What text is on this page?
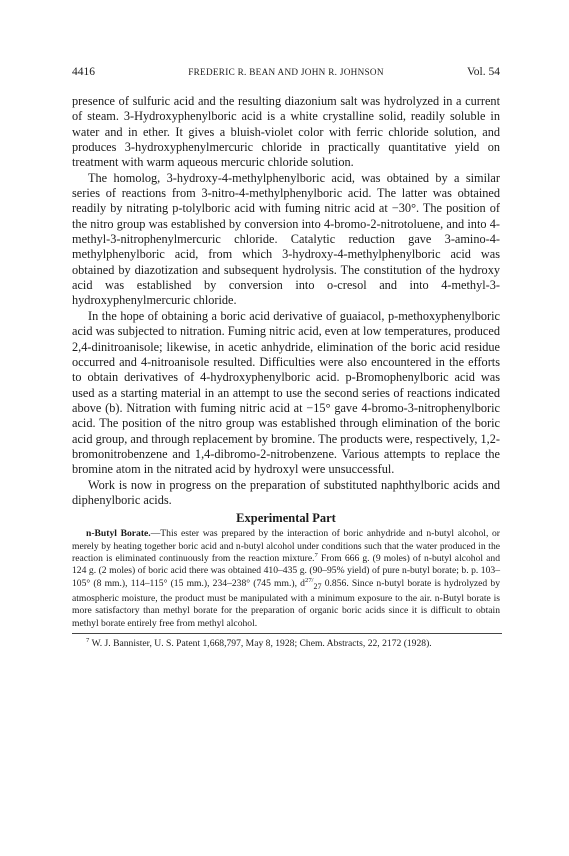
4416	FREDERIC R. BEAN AND JOHN R. JOHNSON	Vol. 54

presence of sulfuric acid and the resulting diazonium salt was hydrolyzed in a current of steam. 3-Hydroxyphenylboric acid is a white crystalline solid, readily soluble in water and in ether. It gives a bluish-violet color with ferric chloride solution, and produces 3-hydroxyphenylmercuric chloride in practically quantitative yield on treatment with warm aqueous mercuric chloride solution.

The homolog, 3-hydroxy-4-methylphenylboric acid, was obtained by a similar series of reactions from 3-nitro-4-methylphenylboric acid. The latter was obtained readily by nitrating p-tolylboric acid with fuming nitric acid at −30°. The position of the nitro group was established by conversion into 4-bromo-2-nitrotoluene, and into 4-methyl-3-nitrophenylmercuric chloride. Catalytic reduction gave 3-amino-4-methylphenylboric acid, from which 3-hydroxy-4-methylphenylboric acid was obtained by diazotization and subsequent hydrolysis. The constitution of the hydroxy acid was established by conversion into o-cresol and into 4-methyl-3-hydroxyphenylmercuric chloride.

In the hope of obtaining a boric acid derivative of guaiacol, p-methoxyphenylboric acid was subjected to nitration. Fuming nitric acid, even at low temperatures, produced 2,4-dinitroanisole; likewise, in acetic anhydride, elimination of the boric acid residue occurred and 4-nitroanisole resulted. Difficulties were also encountered in the efforts to obtain derivatives of 4-hydroxyphenylboric acid. p-Bromophenylboric acid was used as a starting material in an attempt to use the second series of reactions indicated above (b). Nitration with fuming nitric acid at −15° gave 4-bromo-3-nitrophenylboric acid. The position of the nitro group was established through elimination of the boric acid group, and through replacement by bromine. The products were, respectively, 1,2-bromonitrobenzene and 1,4-dibromo-2-nitrobenzene. Various attempts to replace the bromine atom in the nitrated acid by hydroxyl were unsuccessful.

Work is now in progress on the preparation of substituted naphthylboric acids and diphenylboric acids.

Experimental Part

n-Butyl Borate.—This ester was prepared by the interaction of boric anhydride and n-butyl alcohol, or merely by heating together boric acid and n-butyl alcohol under conditions such that the water produced in the reaction is eliminated continuously from the reaction mixture.$^7$ From 666 g. (9 moles) of n-butyl alcohol and 124 g. (2 moles) of boric acid there was obtained 410–435 g. (90–95% yield) of pure n-butyl borate; b. p. 103–105° (8 mm.), 114–115° (15 mm.), 234–238° (745 mm.), $d^{27/}_{27}$ 0.856. Since n-butyl borate is hydrolyzed by atmospheric moisture, the product must be manipulated with a minimum exposure to the air. n-Butyl borate is more satisfactory than methyl borate for the preparation of organic boric acids since it is difficult to obtain methyl borate entirely free from methyl alcohol.

$^7$ W. J. Bannister, U. S. Patent 1,668,797, May 8, 1928; Chem. Abstracts, 22, 2172 (1928).
